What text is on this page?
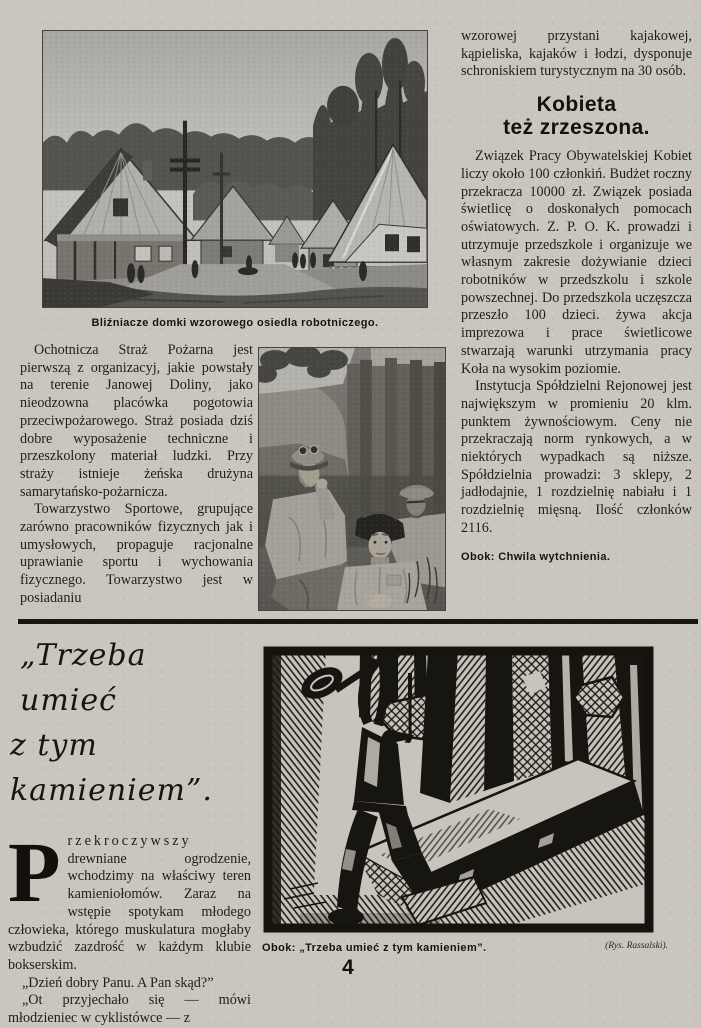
Bliźniacze domki wzorowego osiedla robotniczego.

Ochotnicza Straż Pożarna jest pierwszą z organizacyj, jakie powstały na terenie Janowej Doliny, jako nieodzowna placówka pogotowia przeciwpożarowego. Straż posiada dziś dobre wyposażenie techniczne i przeszkolony materiał ludzki. Przy straży istnieje żeńska drużyna samarytańsko-pożarnicza.

Towarzystwo Sportowe, grupujące zarówno pracowników fizycznych jak i umysłowych, propaguje racjonalne uprawianie sportu i wychowania fizycznego. Towarzystwo jest w posiadaniu

wzorowej przystani kajakowej, kąpieliska, kajaków i łodzi, dysponuje schroniskiem turystycznym na 30 osób.

Kobieta
też zrzeszona.

Związek Pracy Obywatelskiej Kobiet liczy około 100 członkiń. Budżet roczny przekracza 10000 zł. Związek posiada świetlicę o doskonałych pomocach oświatowych. Z. P. O. K. prowadzi i utrzymuje przedszkole i organizuje we własnym zakresie dożywianie dzieci robotników w przedszkolu i szkole powszechnej. Do przedszkola uczęszcza przeszło 100 dzieci. żywa akcja imprezowa i prace świetlicowe stwarzają warunki utrzymania pracy Koła na wysokim poziomie.

Instytucja Spółdzielni Rejonowej jest największym w promieniu 20 klm. punktem żywnościowym. Ceny nie przekraczają norm rynkowych, a w niektórych wypadkach są niższe. Spółdzielnia prowadzi: 3 sklepy, 2 jadłodajnie, 1 rozdzielnię nabiału i 1 rozdzielnię mięsną. Ilość członków 2116.

Obok: Chwila wytchnienia.
„Trzeba umieć
z tym kamieniem”.

Przekroczywszy drewniane ogrodzenie, wchodzimy na właściwy teren kamieniołomów. Zaraz na wstępie spotykam młodego człowieka, którego muskulatura mogłaby wzbudzić zazdrość w każdym klubie bokserskim.

„Dzień dobry Panu. A Pan skąd?”

„Ot przyjechało się — mówi młodzieniec w cyklistówce — z

Obok: „Trzeba umieć z tym kamieniem”.	(Rys. Rassalski).
4
